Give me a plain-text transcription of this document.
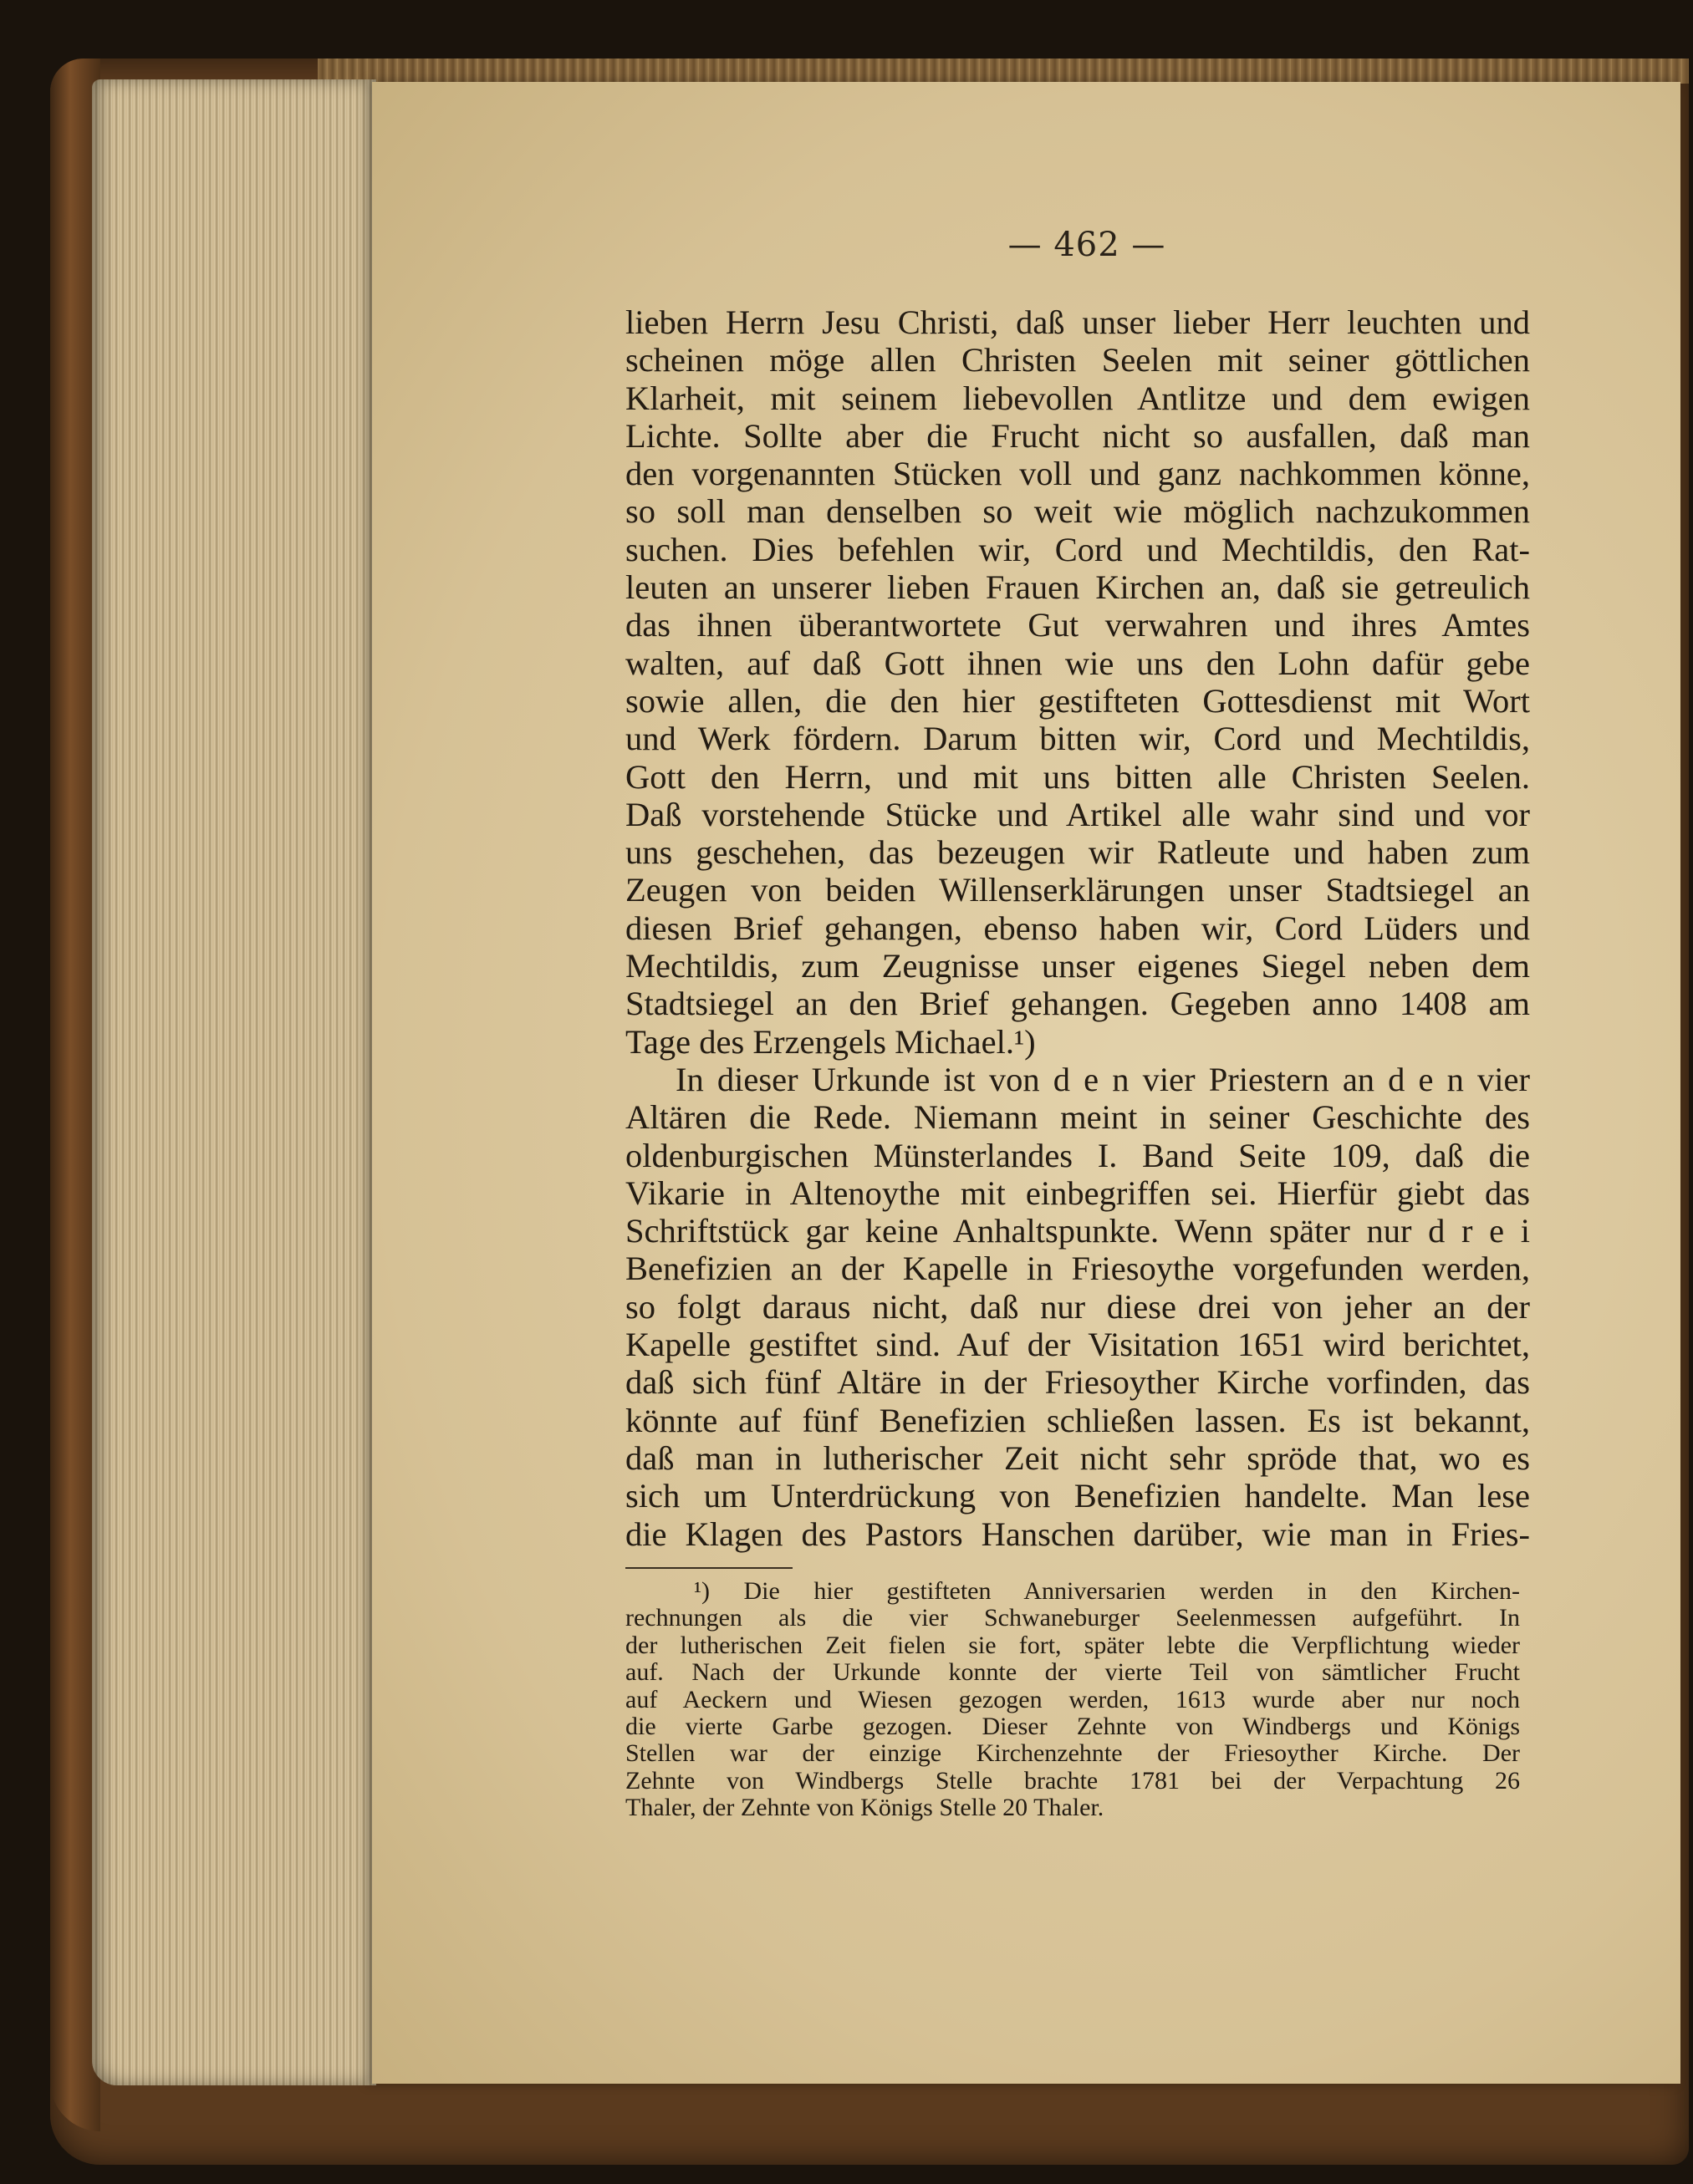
— 462 —
lieben Herrn Jesu Christi, daß unser lieber Herr leuchten und
scheinen möge allen Christen Seelen mit seiner göttlichen
Klarheit, mit seinem liebevollen Antlitze und dem ewigen
Lichte. Sollte aber die Frucht nicht so ausfallen, daß man
den vorgenannten Stücken voll und ganz nachkommen könne,
so soll man denselben so weit wie möglich nachzukommen
suchen. Dies befehlen wir, Cord und Mechtildis, den Rat-
leuten an unserer lieben Frauen Kirchen an, daß sie getreulich
das ihnen überantwortete Gut verwahren und ihres Amtes
walten, auf daß Gott ihnen wie uns den Lohn dafür gebe
sowie allen, die den hier gestifteten Gottesdienst mit Wort
und Werk fördern. Darum bitten wir, Cord und Mechtildis,
Gott den Herrn, und mit uns bitten alle Christen Seelen.
Daß vorstehende Stücke und Artikel alle wahr sind und vor
uns geschehen, das bezeugen wir Ratleute und haben zum
Zeugen von beiden Willenserklärungen unser Stadtsiegel an
diesen Brief gehangen, ebenso haben wir, Cord Lüders und
Mechtildis, zum Zeugnisse unser eigenes Siegel neben dem
Stadtsiegel an den Brief gehangen. Gegeben anno 1408 am
Tage des Erzengels Michael.¹)
In dieser Urkunde ist von d e n vier Priestern an d e n vier
Altären die Rede. Niemann meint in seiner Geschichte des
oldenburgischen Münsterlandes I. Band Seite 109, daß die
Vikarie in Altenoythe mit einbegriffen sei. Hierfür giebt das
Schriftstück gar keine Anhaltspunkte. Wenn später nur d r e i
Benefizien an der Kapelle in Friesoythe vorgefunden werden,
so folgt daraus nicht, daß nur diese drei von jeher an der
Kapelle gestiftet sind. Auf der Visitation 1651 wird berichtet,
daß sich fünf Altäre in der Friesoyther Kirche vorfinden, das
könnte auf fünf Benefizien schließen lassen. Es ist bekannt,
daß man in lutherischer Zeit nicht sehr spröde that, wo es
sich um Unterdrückung von Benefizien handelte. Man lese
die Klagen des Pastors Hanschen darüber, wie man in Fries-
¹) Die hier gestifteten Anniversarien werden in den Kirchen-
rechnungen als die vier Schwaneburger Seelenmessen aufgeführt. In
der lutherischen Zeit fielen sie fort, später lebte die Verpflichtung wieder
auf. Nach der Urkunde konnte der vierte Teil von sämtlicher Frucht
auf Aeckern und Wiesen gezogen werden, 1613 wurde aber nur noch
die vierte Garbe gezogen. Dieser Zehnte von Windbergs und Königs
Stellen war der einzige Kirchenzehnte der Friesoyther Kirche. Der
Zehnte von Windbergs Stelle brachte 1781 bei der Verpachtung 26
Thaler, der Zehnte von Königs Stelle 20 Thaler.
